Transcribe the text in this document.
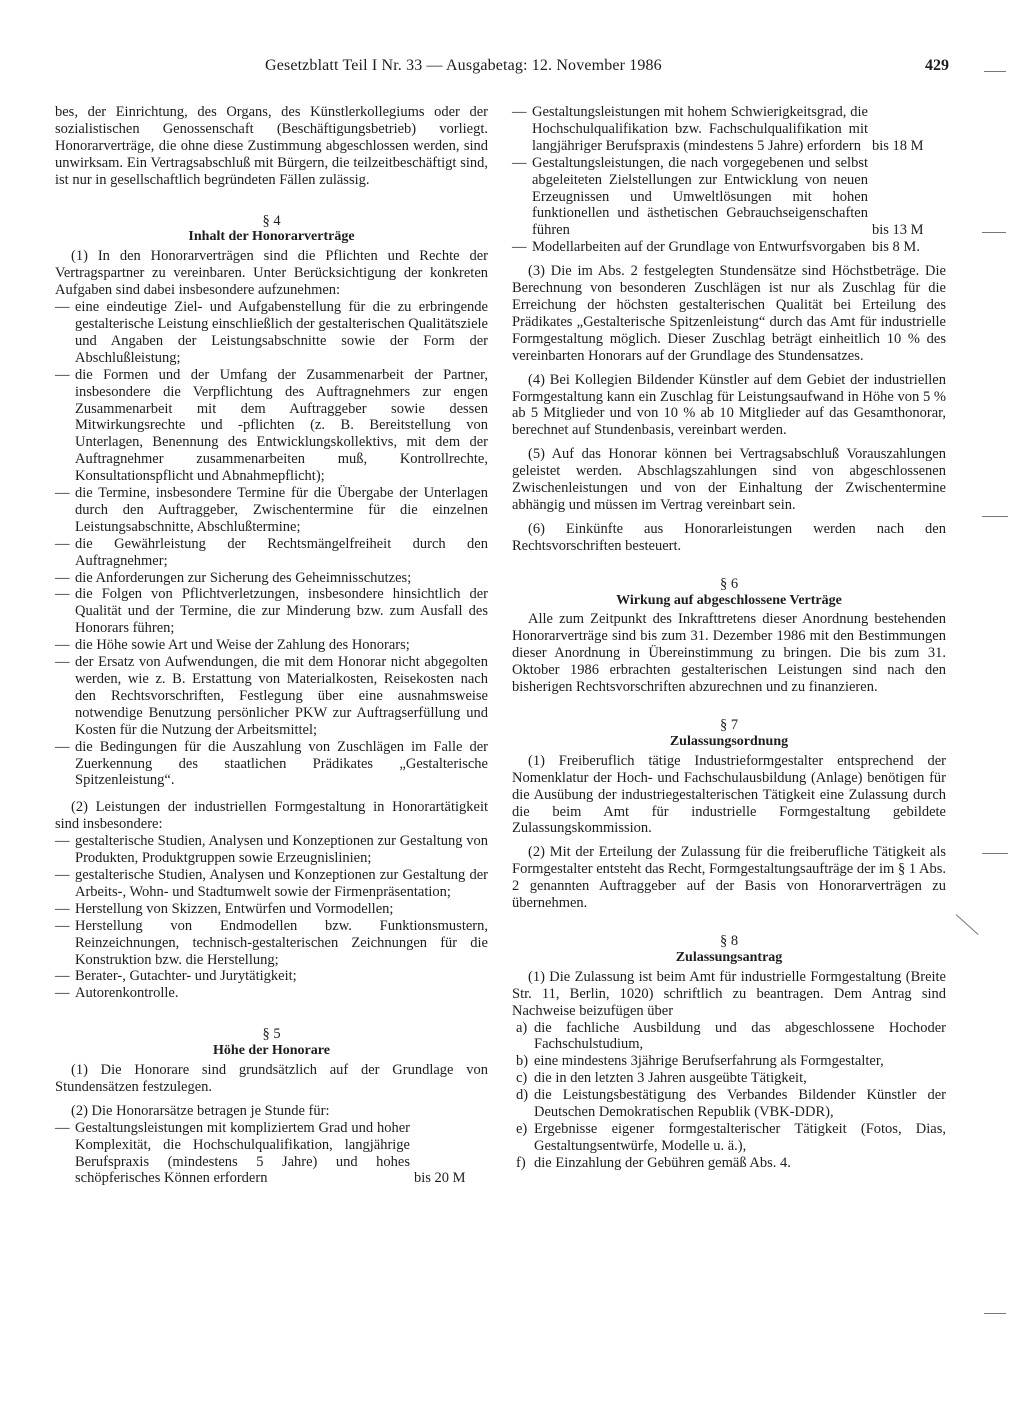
Gesetzblatt Teil I Nr. 33 — Ausgabetag: 12. November 1986	429

bes, der Einrichtung, des Organs, des Künstlerkollegiums oder der sozialistischen Genossenschaft (Beschäftigungsbetrieb) vorliegt. Honorarverträge, die ohne diese Zustimmung abgeschlossen werden, sind unwirksam. Ein Vertragsabschluß mit Bürgern, die teilzeitbeschäftigt sind, ist nur in gesellschaftlich begründeten Fällen zulässig.

§ 4

Inhalt der Honorarverträge

(1) In den Honorarverträgen sind die Pflichten und Rechte der Vertragspartner zu vereinbaren. Unter Berücksichtigung der konkreten Aufgaben sind dabei insbesondere aufzunehmen:

— eine eindeutige Ziel- und Aufgabenstellung für die zu erbringende gestalterische Leistung einschließlich der gestalterischen Qualitätsziele und Angaben der Leistungsabschnitte sowie der Form der Abschlußleistung;

— die Formen und der Umfang der Zusammenarbeit der Partner, insbesondere die Verpflichtung des Auftragnehmers zur engen Zusammenarbeit mit dem Auftraggeber sowie dessen Mitwirkungsrechte und -pflichten (z. B. Bereitstellung von Unterlagen, Benennung des Entwicklungskollektivs, mit dem der Auftragnehmer zusammenarbeiten muß, Kontrollrechte, Konsultationspflicht und Abnahmepflicht);

— die Termine, insbesondere Termine für die Übergabe der Unterlagen durch den Auftraggeber, Zwischentermine für die einzelnen Leistungsabschnitte, Abschlußtermine;

— die Gewährleistung der Rechtsmängelfreiheit durch den Auftragnehmer;

— die Anforderungen zur Sicherung des Geheimnisschutzes;

— die Folgen von Pflichtverletzungen, insbesondere hinsichtlich der Qualität und der Termine, die zur Minderung bzw. zum Ausfall des Honorars führen;

— die Höhe sowie Art und Weise der Zahlung des Honorars;

— der Ersatz von Aufwendungen, die mit dem Honorar nicht abgegolten werden, wie z. B. Erstattung von Materialkosten, Reisekosten nach den Rechtsvorschriften, Festlegung über eine ausnahmsweise notwendige Benutzung persönlicher PKW zur Auftragserfüllung und Kosten für die Nutzung der Arbeitsmittel;

— die Bedingungen für die Auszahlung von Zuschlägen im Falle der Zuerkennung des staatlichen Prädikates „Gestalterische Spitzenleistung“.

(2) Leistungen der industriellen Formgestaltung in Honorartätigkeit sind insbesondere:

— gestalterische Studien, Analysen und Konzeptionen zur Gestaltung von Produkten, Produktgruppen sowie Erzeugnislinien;

— gestalterische Studien, Analysen und Konzeptionen zur Gestaltung der Arbeits-, Wohn- und Stadtumwelt sowie der Firmenpräsentation;

— Herstellung von Skizzen, Entwürfen und Vormodellen;

— Herstellung von Endmodellen bzw. Funktionsmustern, Reinzeichnungen, technisch-gestalterischen Zeichnungen für die Konstruktion bzw. die Herstellung;

— Berater-, Gutachter- und Jurytätigkeit;

— Autorenkontrolle.

§ 5

Höhe der Honorare

(1) Die Honorare sind grundsätzlich auf der Grundlage von Stundensätzen festzulegen.

(2) Die Honorarsätze betragen je Stunde für:

— Gestaltungsleistungen mit kompliziertem Grad und hoher Komplexität, die Hochschulqualifikation, langjährige Berufspraxis (mindestens 5 Jahre) und hohes schöpferisches Können erfordern	bis 20 M
— Gestaltungsleistungen mit hohem Schwierigkeitsgrad, die Hochschulqualifikation bzw. Fachschulqualifikation mit langjähriger Berufspraxis (mindestens 5 Jahre) erfordern bis 18 M
— Gestaltungsleistungen, die nach vorgegebenen und selbst abgeleiteten Zielstellungen zur Entwicklung von neuen Erzeugnissen und Umweltlösungen mit hohen funktionellen und ästhetischen Gebrauchseigenschaften führen	bis 13 M
— Modellarbeiten auf der Grundlage von Entwurfsvorgaben bis 8 M.

(3) Die im Abs. 2 festgelegten Stundensätze sind Höchstbeträge. Die Berechnung von besonderen Zuschlägen ist nur als Zuschlag für die Erreichung der höchsten gestalterischen Qualität bei Erteilung des Prädikates „Gestalterische Spitzenleistung“ durch das Amt für industrielle Formgestaltung möglich. Dieser Zuschlag beträgt einheitlich 10 % des vereinbarten Honorars auf der Grundlage des Stundensatzes.

(4) Bei Kollegien Bildender Künstler auf dem Gebiet der industriellen Formgestaltung kann ein Zuschlag für Leistungsaufwand in Höhe von 5 % ab 5 Mitglieder und von 10 % ab 10 Mitglieder auf das Gesamthonorar, berechnet auf Stundenbasis, vereinbart werden.

(5) Auf das Honorar können bei Vertragsabschluß Vorauszahlungen geleistet werden. Abschlagszahlungen sind von abgeschlossenen Zwischenleistungen und von der Einhaltung der Zwischentermine abhängig und müssen im Vertrag vereinbart sein.

(6) Einkünfte aus Honorarleistungen werden nach den Rechtsvorschriften besteuert.

§ 6

Wirkung auf abgeschlossene Verträge

Alle zum Zeitpunkt des Inkrafttretens dieser Anordnung bestehenden Honorarverträge sind bis zum 31. Dezember 1986 mit den Bestimmungen dieser Anordnung in Übereinstimmung zu bringen. Die bis zum 31. Oktober 1986 erbrachten gestalterischen Leistungen sind nach den bisherigen Rechtsvorschriften abzurechnen und zu finanzieren.

§ 7

Zulassungsordnung

(1) Freiberuflich tätige Industrieformgestalter entsprechend der Nomenklatur der Hoch- und Fachschulausbildung (Anlage) benötigen für die Ausübung der industriegestalterischen Tätigkeit eine Zulassung durch die beim Amt für industrielle Formgestaltung gebildete Zulassungskommission.

(2) Mit der Erteilung der Zulassung für die freiberufliche Tätigkeit als Formgestalter entsteht das Recht, Formgestaltungsaufträge der im § 1 Abs. 2 genannten Auftraggeber auf der Basis von Honorarverträgen zu übernehmen.

§ 8

Zulassungsantrag

(1) Die Zulassung ist beim Amt für industrielle Formgestaltung (Breite Str. 11, Berlin, 1020) schriftlich zu beantragen. Dem Antrag sind Nachweise beizufügen über

a) die fachliche Ausbildung und das abgeschlossene Hochoder Fachschulstudium,
b) eine mindestens 3jährige Berufserfahrung als Formgestalter,
c) die in den letzten 3 Jahren ausgeübte Tätigkeit,
d) die Leistungsbestätigung des Verbandes Bildender Künstler der Deutschen Demokratischen Republik (VBK-DDR),
e) Ergebnisse eigener formgestalterischer Tätigkeit (Fotos, Dias, Gestaltungsentwürfe, Modelle u. ä.),
f) die Einzahlung der Gebühren gemäß Abs. 4.
